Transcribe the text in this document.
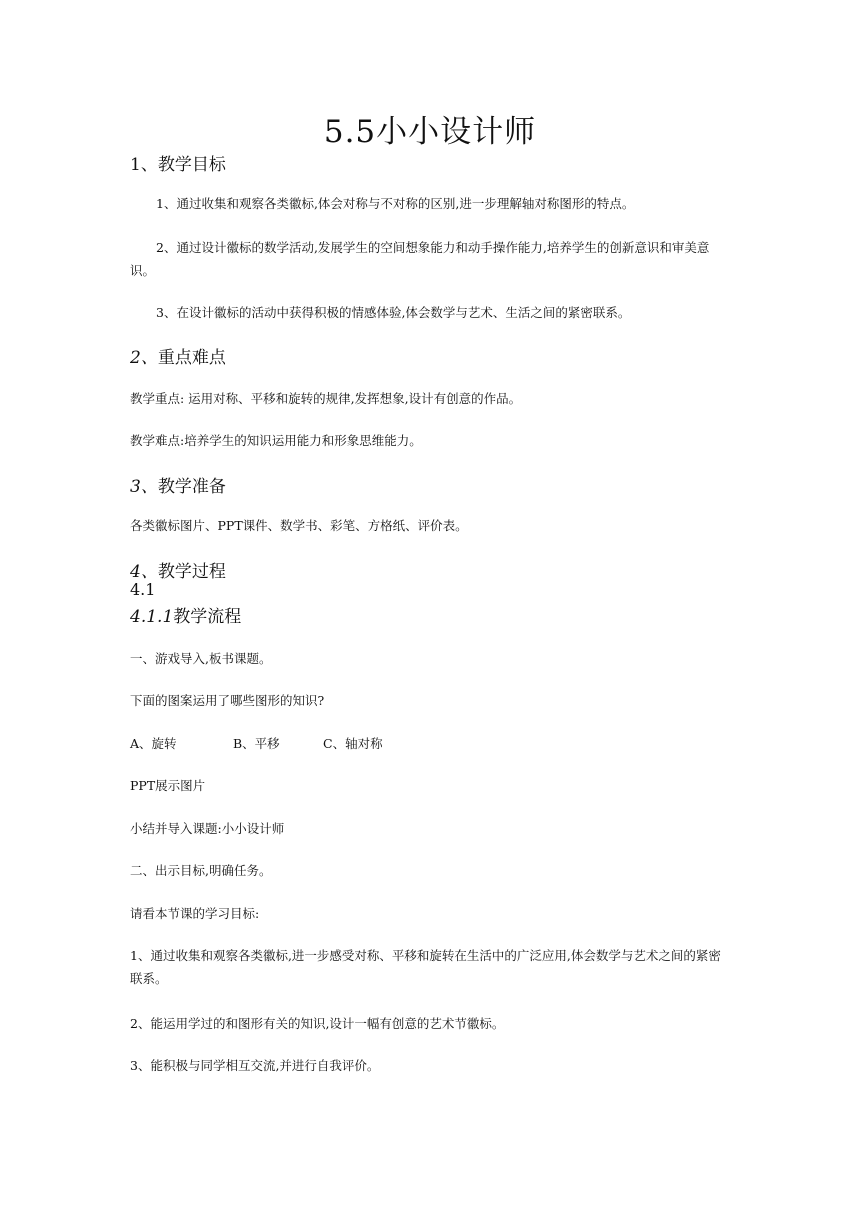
5.5小小设计师
1、教学目标
1、通过收集和观察各类徽标,体会对称与不对称的区别,进一步理解轴对称图形的特点。
2、通过设计徽标的数学活动,发展学生的空间想象能力和动手操作能力,培养学生的创新意识和审美意识。
3、在设计徽标的活动中获得积极的情感体验,体会数学与艺术、生活之间的紧密联系。
2、重点难点
教学重点: 运用对称、平移和旋转的规律,发挥想象,设计有创意的作品。
教学难点:培养学生的知识运用能力和形象思维能力。
3、教学准备
各类徽标图片、PPT课件、数学书、彩笔、方格纸、评价表。
4、教学过程
4.1
4.1.1教学流程
一、游戏导入,板书课题。
下面的图案运用了哪些图形的知识?
A、旋转	B、平移	C、轴对称
PPT展示图片
小结并导入课题:小小设计师
二、出示目标,明确任务。
请看本节课的学习目标:
1、通过收集和观察各类徽标,进一步感受对称、平移和旋转在生活中的广泛应用,体会数学与艺术之间的紧密联系。
2、能运用学过的和图形有关的知识,设计一幅有创意的艺术节徽标。
3、能积极与同学相互交流,并进行自我评价。
